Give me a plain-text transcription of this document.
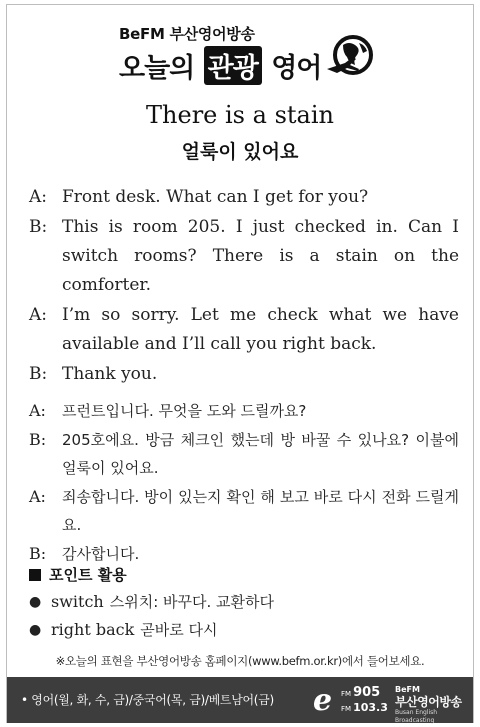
BeFM 부산영어방송
오늘의 관광 영어
There is a stain
얼룩이 있어요
A: Front desk. What can I get for you?
B: This is room 205. I just checked in. Can I switch rooms? There is a stain on the comforter.
A: I’m so sorry. Let me check what we have available and I’ll call you right back.
B: Thank you.
A:	프런트입니다. 무엇을 도와 드릴까요?
B:	205호에요. 방금 체크인 했는데 방 바꿀 수 있나요? 이불에 얼룩이 있어요.
A:	죄송합니다. 방이 있는지 확인 해 보고 바로 다시 전화 드릴게요.
B:	감사합니다.
포인트 활용
● switch 스위치: 바꾸다. 교환하다
● right back 곧바로 다시
※오늘의 표현을 부산영어방송 홈페이지(www.befm.or.kr)에서 들어보세요.
• 영어(월, 화, 수, 금)/중국어(목, 금)/베트남어(금) e FM 905
FM 103.3
BeFM
부산영어방송
Busan English Broadcasting
